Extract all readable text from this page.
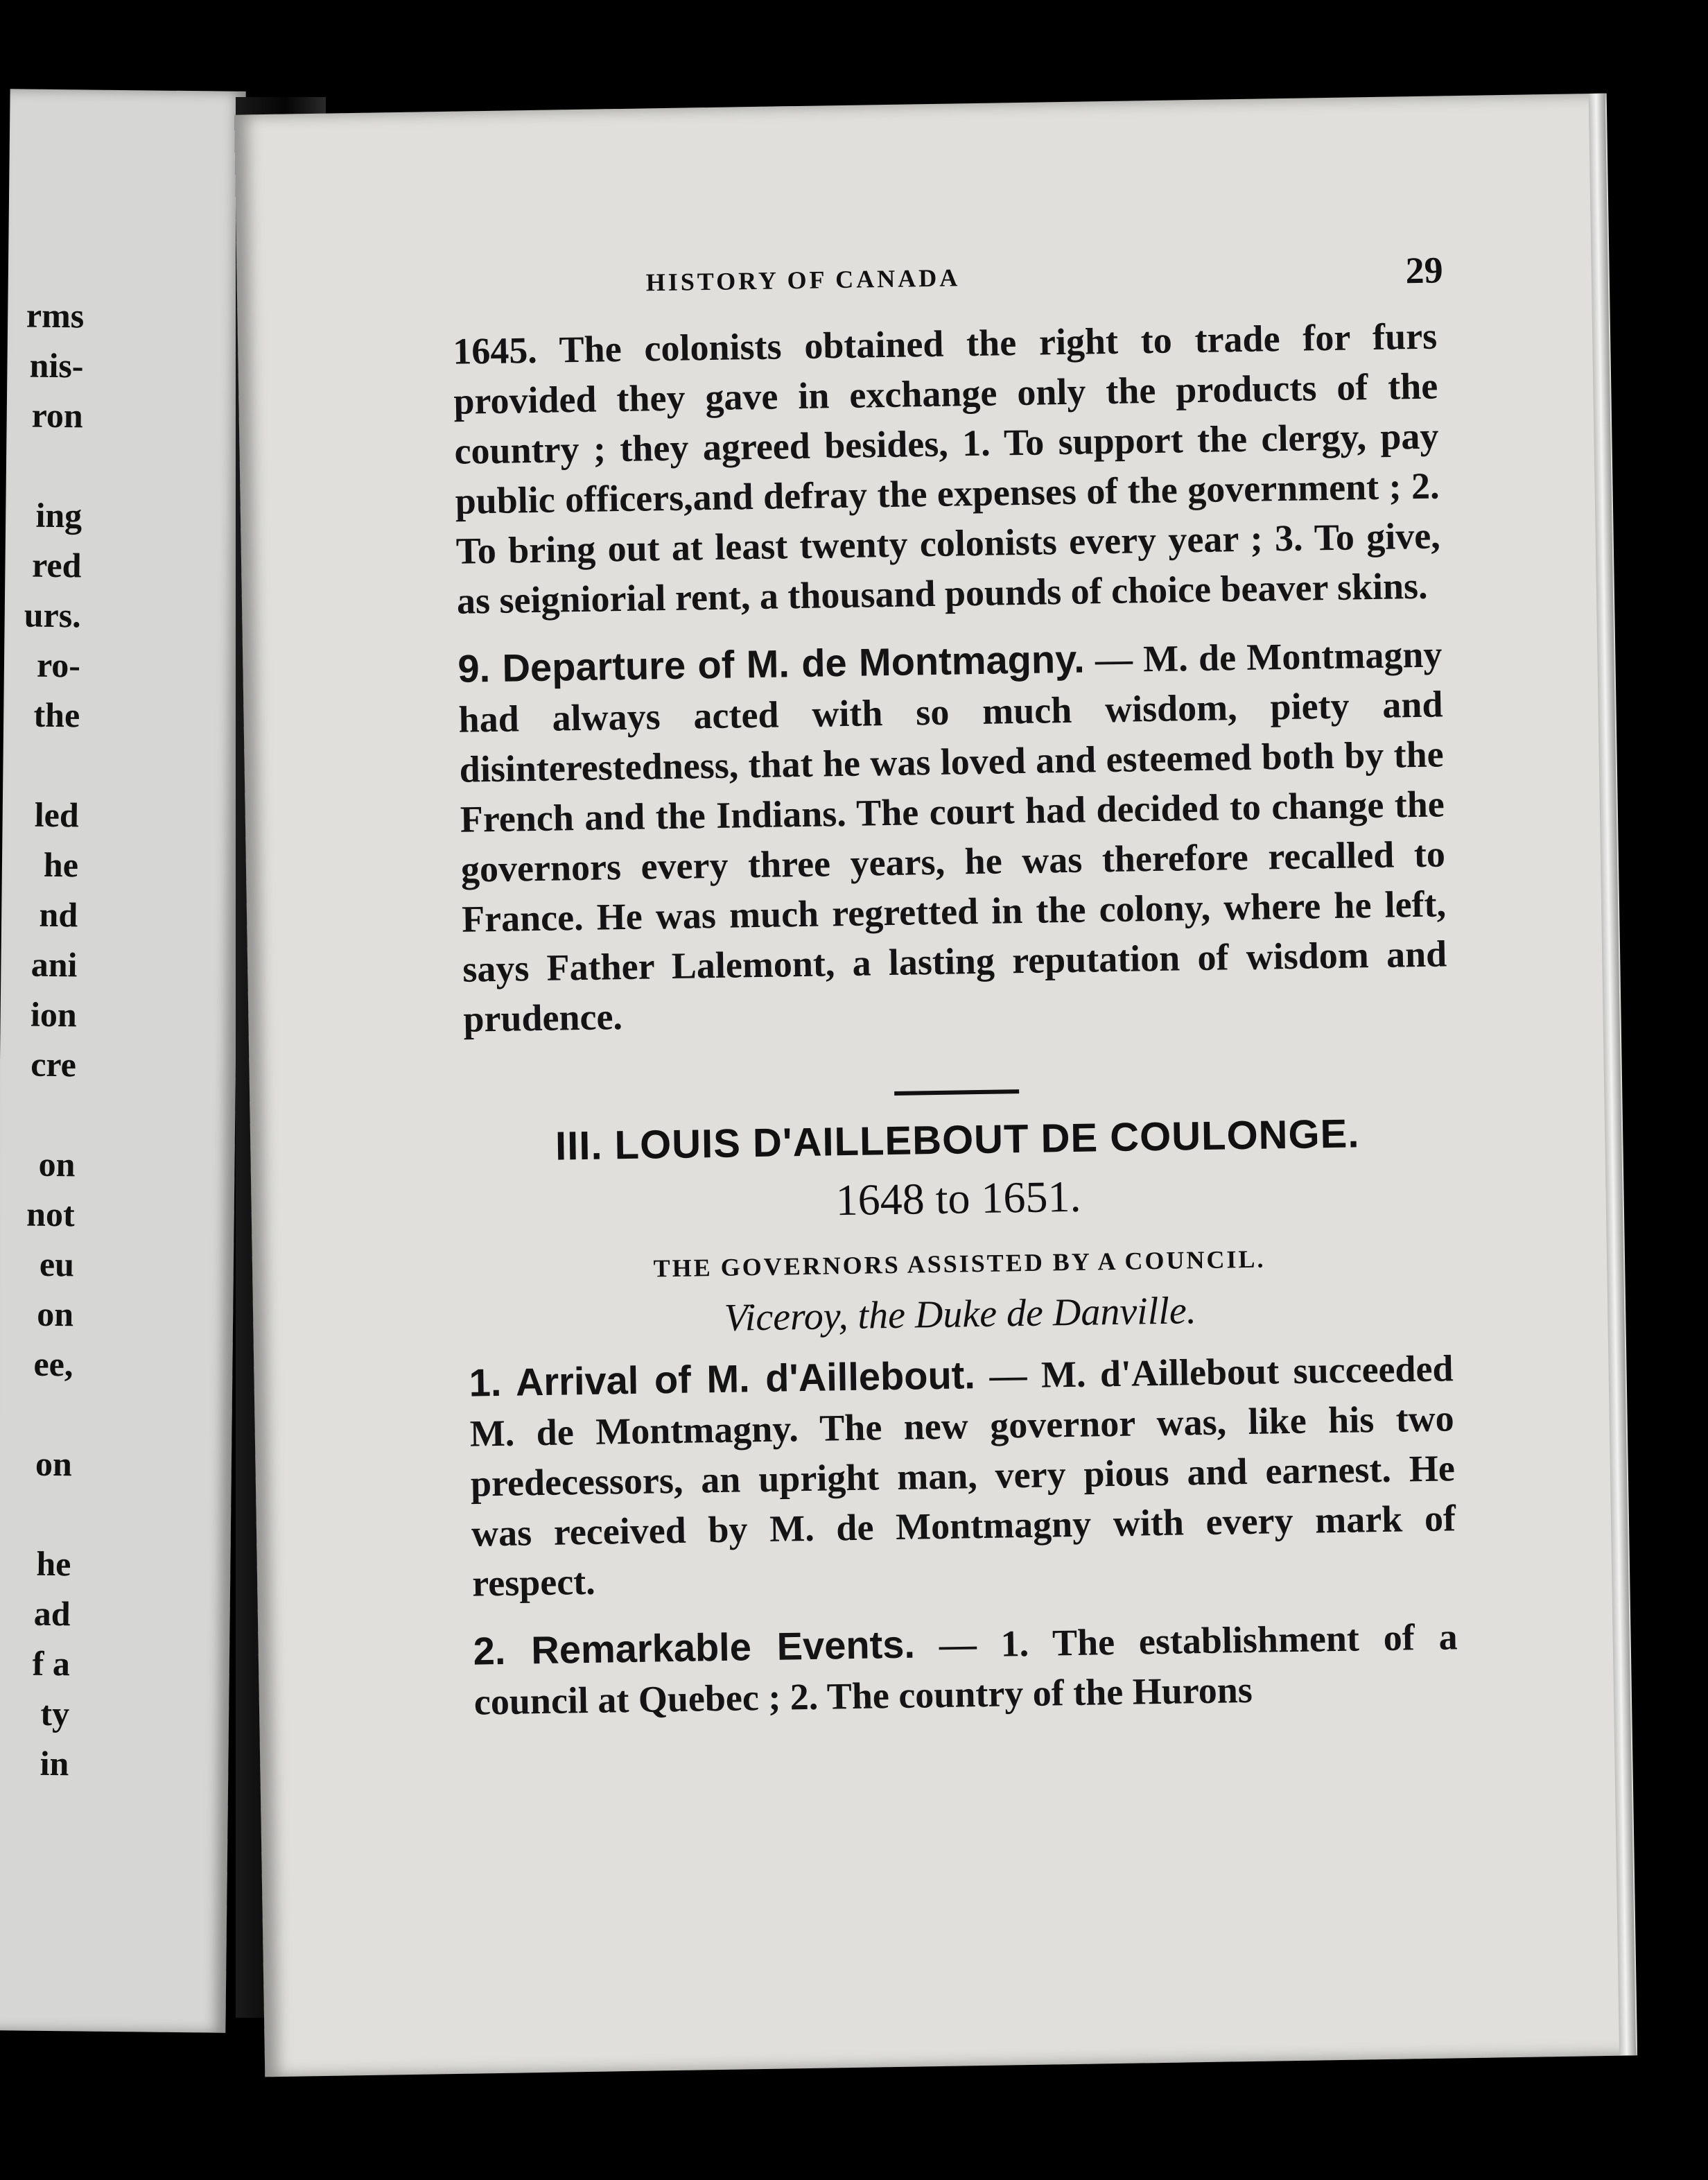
rms
nis-
ron
ing
red
urs.
ro-
the
led
he
nd
ani
ion
cre
on
not
eu
on
ee,
on
he
ad
f a
ty
in
HISTORY OF CANADA	29

1645. The colonists obtained the right to trade for furs provided they gave in exchange only the products of the country ; they agreed besides, 1. To support the clergy, pay public officers,and defray the expenses of the government ; 2. To bring out at least twenty colonists every year ; 3. To give, as seigniorial rent, a thousand pounds of choice beaver skins.

9. Departure of M. de Montmagny. — M. de Montmagny had always acted with so much wisdom, piety and disinterestedness, that he was loved and esteemed both by the French and the Indians. The court had decided to change the governors every three years, he was therefore recalled to France. He was much regretted in the colony, where he left, says Father Lalemont, a lasting reputation of wisdom and prudence.

III. LOUIS D'AILLEBOUT DE COULONGE.
1648 to 1651.
THE GOVERNORS ASSISTED BY A COUNCIL.
Viceroy, the Duke de Danville.

1. Arrival of M. d'Aillebout. — M. d'Aillebout succeeded M. de Montmagny. The new governor was, like his two predecessors, an upright man, very pious and earnest. He was received by M. de Montmagny with every mark of respect.

2. Remarkable Events. — 1. The establishment of a council at Quebec ; 2. The country of the Hurons
